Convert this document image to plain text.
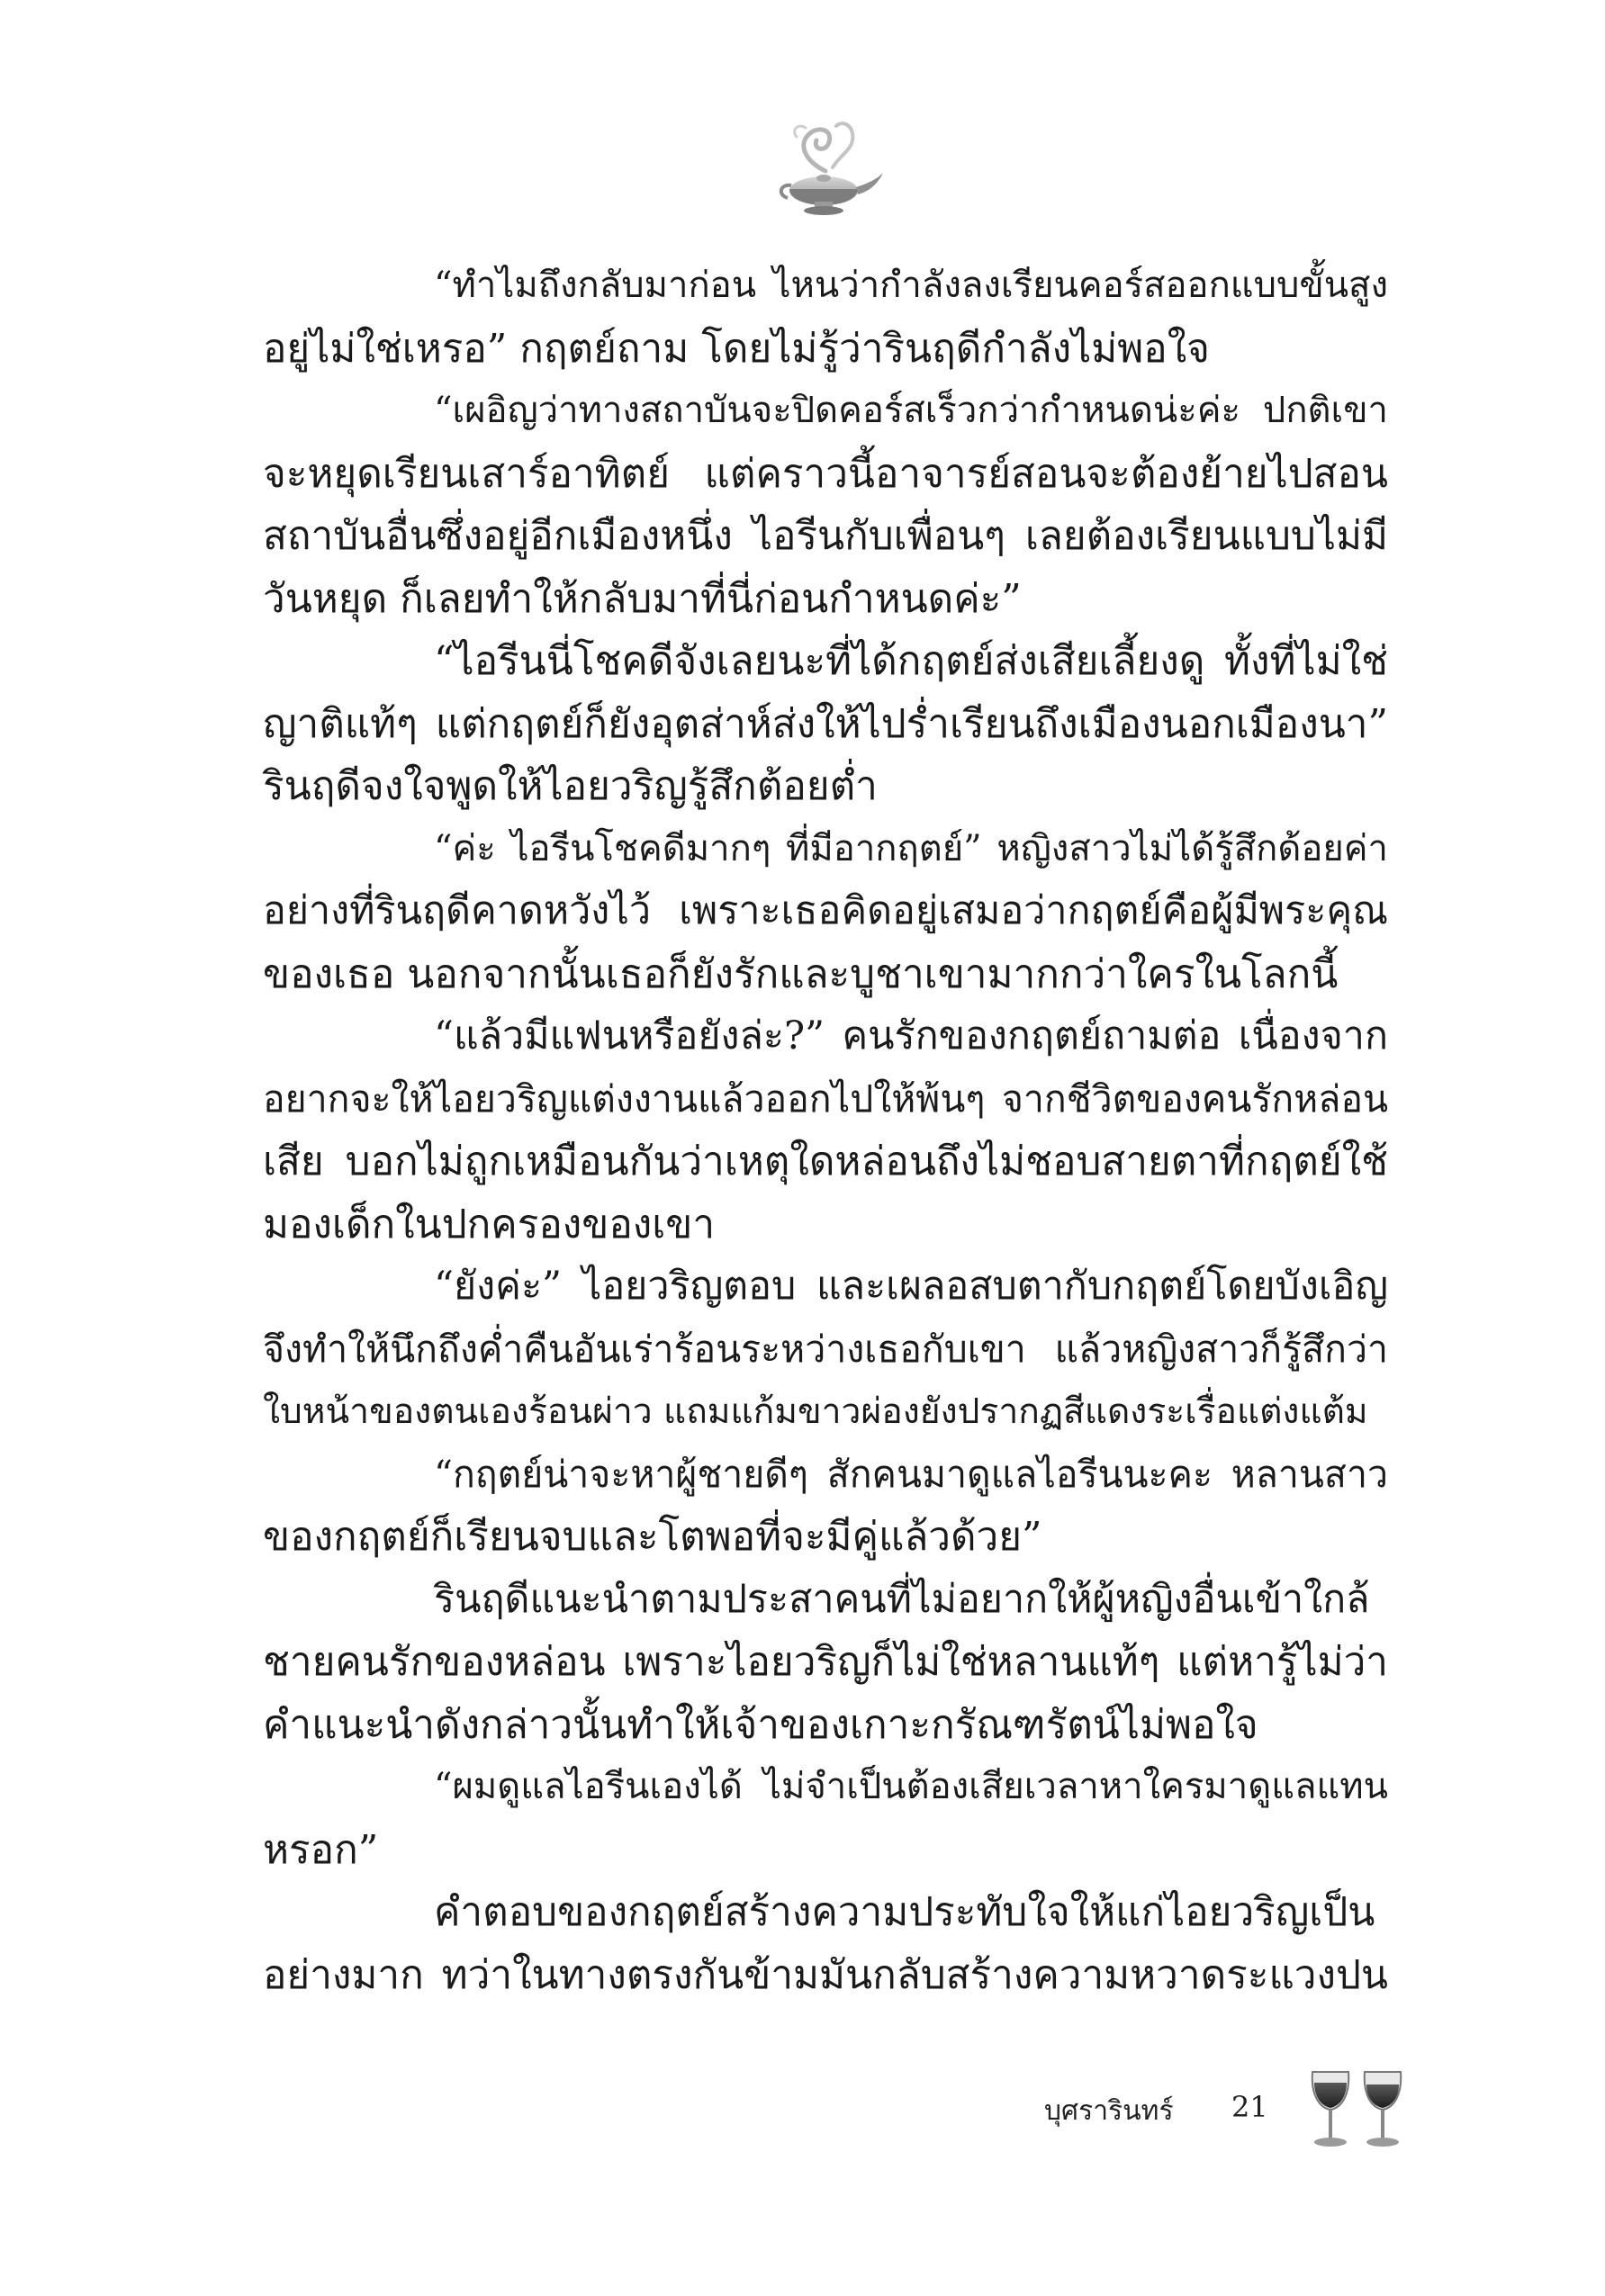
“ทำไมถึงกลับมาก่อน ไหนว่ากำลังลงเรียนคอร์สออกแบบขั้นสูง
อยู่ไม่ใช่เหรอ” กฤตย์ถาม โดยไม่รู้ว่ารินฤดีกำลังไม่พอใจ
“เผอิญว่าทางสถาบันจะปิดคอร์สเร็วกว่ากำหนดน่ะค่ะ ปกติเขา
จะหยุดเรียนเสาร์อาทิตย์ แต่คราวนี้อาจารย์สอนจะต้องย้ายไปสอน
สถาบันอื่นซึ่งอยู่อีกเมืองหนึ่ง ไอรีนกับเพื่อนๆ เลยต้องเรียนแบบไม่มี
วันหยุด ก็เลยทำให้กลับมาที่นี่ก่อนกำหนดค่ะ”
“ไอรีนนี่โชคดีจังเลยนะที่ได้กฤตย์ส่งเสียเลี้ยงดู ทั้งที่ไม่ใช่
ญาติแท้ๆ แต่กฤตย์ก็ยังอุตส่าห์ส่งให้ไปร่ำเรียนถึงเมืองนอกเมืองนา”
รินฤดีจงใจพูดให้ไอยวริญรู้สึกต้อยต่ำ
“ค่ะ ไอรีนโชคดีมากๆ ที่มีอากฤตย์” หญิงสาวไม่ได้รู้สึกด้อยค่า
อย่างที่รินฤดีคาดหวังไว้ เพราะเธอคิดอยู่เสมอว่ากฤตย์คือผู้มีพระคุณ
ของเธอ นอกจากนั้นเธอก็ยังรักและบูชาเขามากกว่าใครในโลกนี้
“แล้วมีแฟนหรือยังล่ะ?” คนรักของกฤตย์ถามต่อ เนื่องจาก
อยากจะให้ไอยวริญแต่งงานแล้วออกไปให้พ้นๆ จากชีวิตของคนรักหล่อน
เสีย บอกไม่ถูกเหมือนกันว่าเหตุใดหล่อนถึงไม่ชอบสายตาที่กฤตย์ใช้
มองเด็กในปกครองของเขา
“ยังค่ะ” ไอยวริญตอบ และเผลอสบตากับกฤตย์โดยบังเอิญ
จึงทำให้นึกถึงค่ำคืนอันเร่าร้อนระหว่างเธอกับเขา แล้วหญิงสาวก็รู้สึกว่า
ใบหน้าของตนเองร้อนผ่าว แถมแก้มขาวผ่องยังปรากฏสีแดงระเรื่อแต่งแต้ม
“กฤตย์น่าจะหาผู้ชายดีๆ สักคนมาดูแลไอรีนนะคะ หลานสาว
ของกฤตย์ก็เรียนจบและโตพอที่จะมีคู่แล้วด้วย”
รินฤดีแนะนำตามประสาคนที่ไม่อยากให้ผู้หญิงอื่นเข้าใกล้
ชายคนรักของหล่อน เพราะไอยวริญก็ไม่ใช่หลานแท้ๆ แต่หารู้ไม่ว่า
คำแนะนำดังกล่าวนั้นทำให้เจ้าของเกาะกรัณฑรัตน์ไม่พอใจ
“ผมดูแลไอรีนเองได้ ไม่จำเป็นต้องเสียเวลาหาใครมาดูแลแทน
หรอก”
คำตอบของกฤตย์สร้างความประทับใจให้แก่ไอยวริญเป็น
อย่างมาก ทว่าในทางตรงกันข้ามมันกลับสร้างความหวาดระแวงปน
บุศรารินทร์ 21
